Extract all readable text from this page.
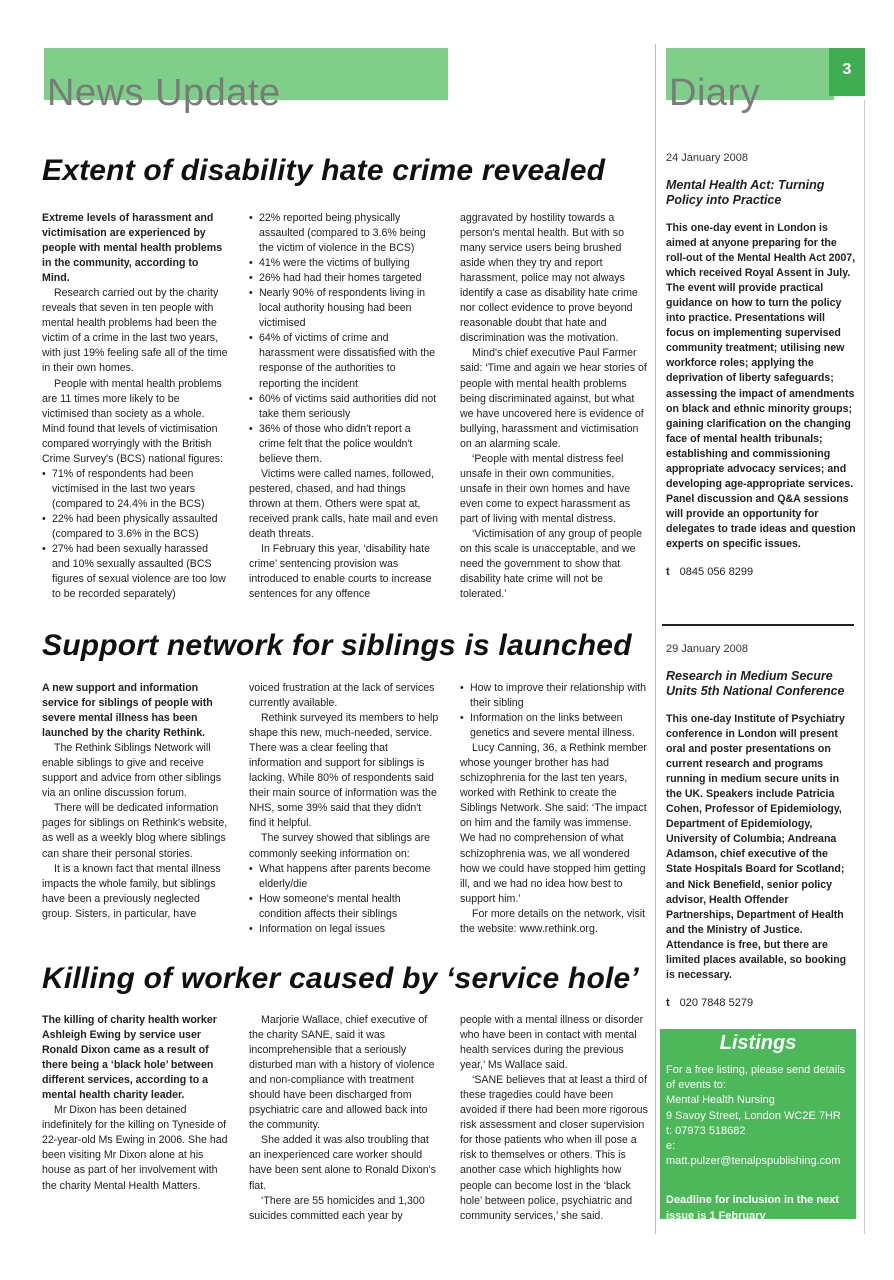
News Update
3
Diary
Extent of disability hate crime revealed

Extreme levels of harassment and victimisation are experienced by people with mental health problems in the community, according to Mind.

Research carried out by the charity reveals that seven in ten people with mental health problems had been the victim of a crime in the last two years, with just 19% feeling safe all of the time in their own homes.

People with mental health problems are 11 times more likely to be victimised than society as a whole. Mind found that levels of victimisation compared worryingly with the British Crime Survey's (BCS) national figures:

• 71% of respondents had been victimised in the last two years (compared to 24.4% in the BCS)
• 22% had been physically assaulted (compared to 3.6% in the BCS)
• 27% had been sexually harassed and 10% sexually assaulted (BCS figures of sexual violence are too low to be recorded separately)
• 22% reported being physically assaulted (compared to 3.6% being the victim of violence in the BCS)
• 41% were the victims of bullying
• 26% had had their homes targeted
• Nearly 90% of respondents living in local authority housing had been victimised
• 64% of victims of crime and harassment were dissatisfied with the response of the authorities to reporting the incident
• 60% of victims said authorities did not take them seriously
• 36% of those who didn't report a crime felt that the police wouldn't believe them.

Victims were called names, followed, pestered, chased, and had things thrown at them. Others were spat at, received prank calls, hate mail and even death threats.

In February this year, ‘disability hate crime’ sentencing provision was introduced to enable courts to increase sentences for any offence

aggravated by hostility towards a person's mental health. But with so many service users being brushed aside when they try and report harassment, police may not always identify a case as disability hate crime nor collect evidence to prove beyond reasonable doubt that hate and discrimination was the motivation.

Mind's chief executive Paul Farmer said: ‘Time and again we hear stories of people with mental health problems being discriminated against, but what we have uncovered here is evidence of bullying, harassment and victimisation on an alarming scale.

‘People with mental distress feel unsafe in their own communities, unsafe in their own homes and have even come to expect harassment as part of living with mental distress.

‘Victimisation of any group of people on this scale is unacceptable, and we need the government to show that disability hate crime will not be tolerated.’

Support network for siblings is launched

A new support and information service for siblings of people with severe mental illness has been launched by the charity Rethink.

The Rethink Siblings Network will enable siblings to give and receive support and advice from other siblings via an online discussion forum.

There will be dedicated information pages for siblings on Rethink's website, as well as a weekly blog where siblings can share their personal stories.

It is a known fact that mental illness impacts the whole family, but siblings have been a previously neglected group. Sisters, in particular, have

voiced frustration at the lack of services currently available.

Rethink surveyed its members to help shape this new, much-needed, service. There was a clear feeling that information and support for siblings is lacking. While 80% of respondents said their main source of information was the NHS, some 39% said that they didn't find it helpful.

The survey showed that siblings are commonly seeking information on:

• What happens after parents become elderly/die
• How someone's mental health condition affects their siblings
• Information on legal issues
• How to improve their relationship with their sibling
• Information on the links between genetics and severe mental illness.

Lucy Canning, 36, a Rethink member whose younger brother has had schizophrenia for the last ten years, worked with Rethink to create the Siblings Network. She said: ‘The impact on him and the family was immense. We had no comprehension of what schizophrenia was, we all wondered how we could have stopped him getting ill, and we had no idea how best to support him.’

For more details on the network, visit the website: www.rethink.org.

Killing of worker caused by ‘service hole’

The killing of charity health worker Ashleigh Ewing by service user Ronald Dixon came as a result of there being a ‘black hole’ between different services, according to a mental health charity leader.

Mr Dixon has been detained indefinitely for the killing on Tyneside of 22-year-old Ms Ewing in 2006. She had been visiting Mr Dixon alone at his house as part of her involvement with the charity Mental Health Matters.

Marjorie Wallace, chief executive of the charity SANE, said it was incomprehensible that a seriously disturbed man with a history of violence and non-compliance with treatment should have been discharged from psychiatric care and allowed back into the community.

She added it was also troubling that an inexperienced care worker should have been sent alone to Ronald Dixon's flat.

‘There are 55 homicides and 1,300 suicides committed each year by

people with a mental illness or disorder who have been in contact with mental health services during the previous year,’ Ms Wallace said.

‘SANE believes that at least a third of these tragedies could have been avoided if there had been more rigorous risk assessment and closer supervision for those patients who when ill pose a risk to themselves or others. This is another case which highlights how people can become lost in the ‘black hole’ between police, psychiatric and community services,’ she said.

24 January 2008
Mental Health Act: Turning Policy into Practice
This one-day event in London is aimed at anyone preparing for the roll-out of the Mental Health Act 2007, which received Royal Assent in July. The event will provide practical guidance on how to turn the policy into practice. Presentations will focus on implementing supervised community treatment; utilising new workforce roles; applying the deprivation of liberty safeguards; assessing the impact of amendments on black and ethnic minority groups; gaining clarification on the changing face of mental health tribunals; establishing and commissioning appropriate advocacy services; and developing age-appropriate services. Panel discussion and Q&A sessions will provide an opportunity for delegates to trade ideas and question experts on specific issues.
t 0845 056 8299
29 January 2008
Research in Medium Secure Units 5th National Conference
This one-day Institute of Psychiatry conference in London will present oral and poster presentations on current research and programs running in medium secure units in the UK. Speakers include Patricia Cohen, Professor of Epidemiology, Department of Epidemiology, University of Columbia; Andreana Adamson, chief executive of the State Hospitals Board for Scotland; and Nick Benefield, senior policy advisor, Health Offender Partnerships, Department of Health and the Ministry of Justice. Attendance is free, but there are limited places available, so booking is necessary.
t 020 7848 5279
Listings
For a free listing, please send details of events to:
Mental Health Nursing
9 Savoy Street, London WC2E 7HR
t: 07973 518682
e: matt.pulzer@tenalpspublishing.com
Deadline for inclusion in the next issue is 1 February
